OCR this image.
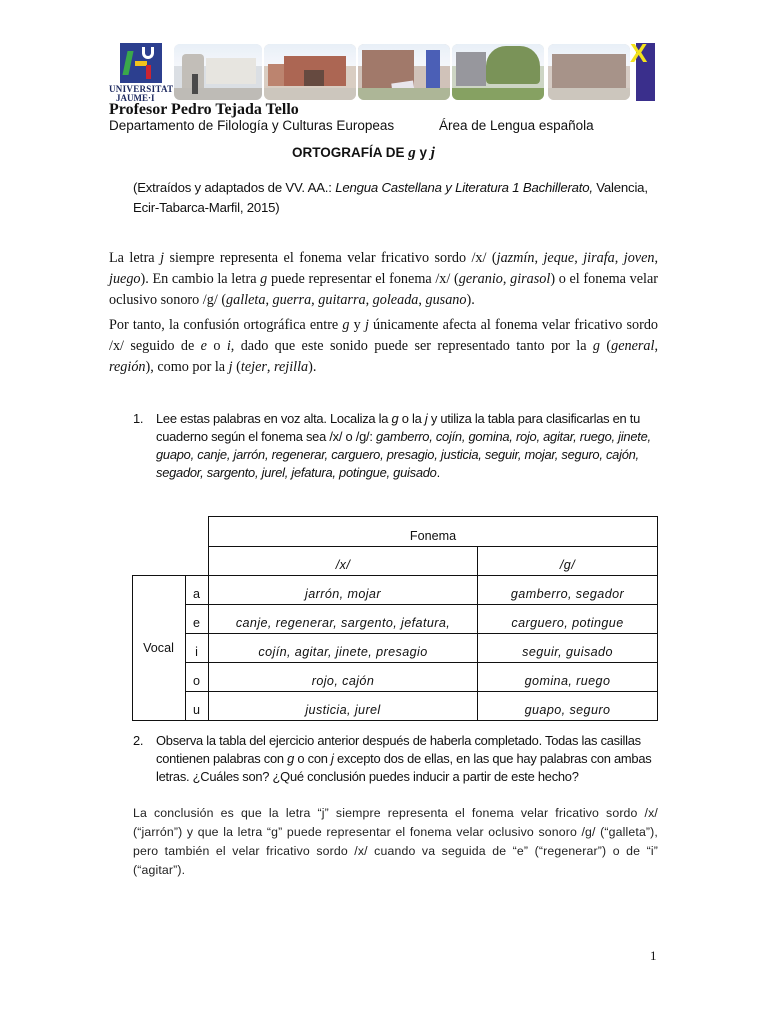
UNIVERSITAT
JAUME·I
X
Profesor Pedro Tejada Tello
Departamento de Filología y Culturas Europeas	Área de Lengua española
ORTOGRAFÍA DE g y j
(Extraídos y adaptados de VV. AA.: Lengua Castellana y Literatura 1 Bachillerato, Valencia, Ecir-Tabarca-Marfil, 2015)
La letra j siempre representa el fonema velar fricativo sordo /x/ (jazmín, jeque, jirafa, joven, juego). En cambio la letra g puede representar el fonema /x/ (geranio, girasol) o el fonema velar oclusivo sonoro /g/ (galleta, guerra, guitarra, goleada, gusano).
Por tanto, la confusión ortográfica entre g y j únicamente afecta al fonema velar fricativo sordo /x/ seguido de e o i, dado que este sonido puede ser representado tanto por la g (general, región), como por la j (tejer, rejilla).
1. Lee estas palabras en voz alta. Localiza la g o la j y utiliza la tabla para clasificarlas en tu cuaderno según el fonema sea /x/ o /g/: gamberro, cojín, gomina, rojo, agitar, ruego, jinete, guapo, canje, jarrón, regenerar, carguero, presagio, justicia, seguir, mojar, seguro, cajón, segador, sargento, jurel, jefatura, potingue, guisado.
Fonema
/x/	/g/
Vocal
a	jarrón, mojar	gamberro, segador
e	canje, regenerar, sargento, jefatura,	carguero, potingue
i	cojín, agitar, jinete, presagio	seguir, guisado
o	rojo, cajón	gomina, ruego
u	justicia, jurel	guapo, seguro
2. Observa la tabla del ejercicio anterior después de haberla completado. Todas las casillas contienen palabras con g o con j excepto dos de ellas, en las que hay palabras con ambas letras. ¿Cuáles son? ¿Qué conclusión puedes inducir a partir de este hecho?
La conclusión es que la letra “j” siempre representa el fonema velar fricativo sordo /x/ (“jarrón”) y que la letra “g” puede representar el fonema velar oclusivo sonoro /g/ (“galleta”), pero también el velar fricativo sordo /x/ cuando va seguida de “e” (“regenerar”) o de “i” (“agitar”).
1
